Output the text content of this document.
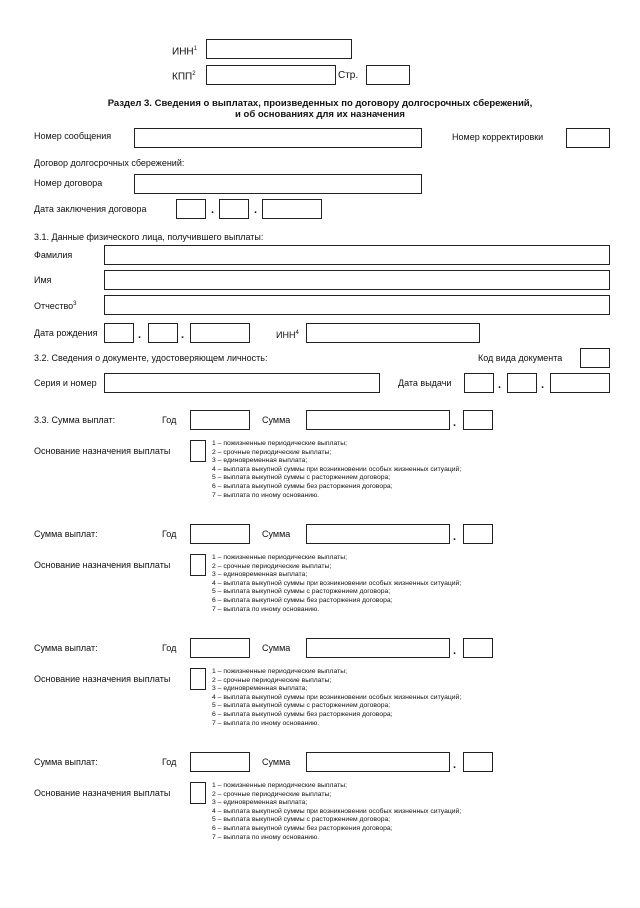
ИНН$^1$
КПП$^2$	Стр.
Раздел 3. Сведения о выплатах, произведенных по договору долгосрочных сбережений,
и об основаниях для их назначения
Номер сообщения	Номер корректировки
Договор долгосрочных сбережений:
Номер договора
Дата заключения договора	.	.
3.1. Данные физического лица, получившего выплаты:
Фамилия
Имя
Отчество$^3$
Дата рождения	.	.	ИНН$^4$
3.2. Сведения о документе, удостоверяющем личность:	Код вида документа
Серия и номер	Дата выдачи	.	.
3.3. Сумма выплат:	Год	Сумма	.
Основание назначения выплаты
1 – пожизненные периодические выплаты;
2 – срочные периодические выплаты;
3 – единовременная выплата;
4 – выплата выкупной суммы при возникновении особых жизненных ситуаций;
5 – выплата выкупной суммы с расторжением договора;
6 – выплата выкупной суммы без расторжения договора;
7 – выплата по иному основанию.
Сумма выплат:	Год	Сумма	.
Основание назначения выплаты
1 – пожизненные периодические выплаты;
2 – срочные периодические выплаты;
3 – единовременная выплата;
4 – выплата выкупной суммы при возникновении особых жизненных ситуаций;
5 – выплата выкупной суммы с расторжением договора;
6 – выплата выкупной суммы без расторжения договора;
7 – выплата по иному основанию.
Сумма выплат:	Год	Сумма	.
Основание назначения выплаты
1 – пожизненные периодические выплаты;
2 – срочные периодические выплаты;
3 – единовременная выплата;
4 – выплата выкупной суммы при возникновении особых жизненных ситуаций;
5 – выплата выкупной суммы с расторжением договора;
6 – выплата выкупной суммы без расторжения договора;
7 – выплата по иному основанию.
Сумма выплат:	Год	Сумма	.
Основание назначения выплаты
1 – пожизненные периодические выплаты;
2 – срочные периодические выплаты;
3 – единовременная выплата;
4 – выплата выкупной суммы при возникновении особых жизненных ситуаций;
5 – выплата выкупной суммы с расторжением договора;
6 – выплата выкупной суммы без расторжения договора;
7 – выплата по иному основанию.
